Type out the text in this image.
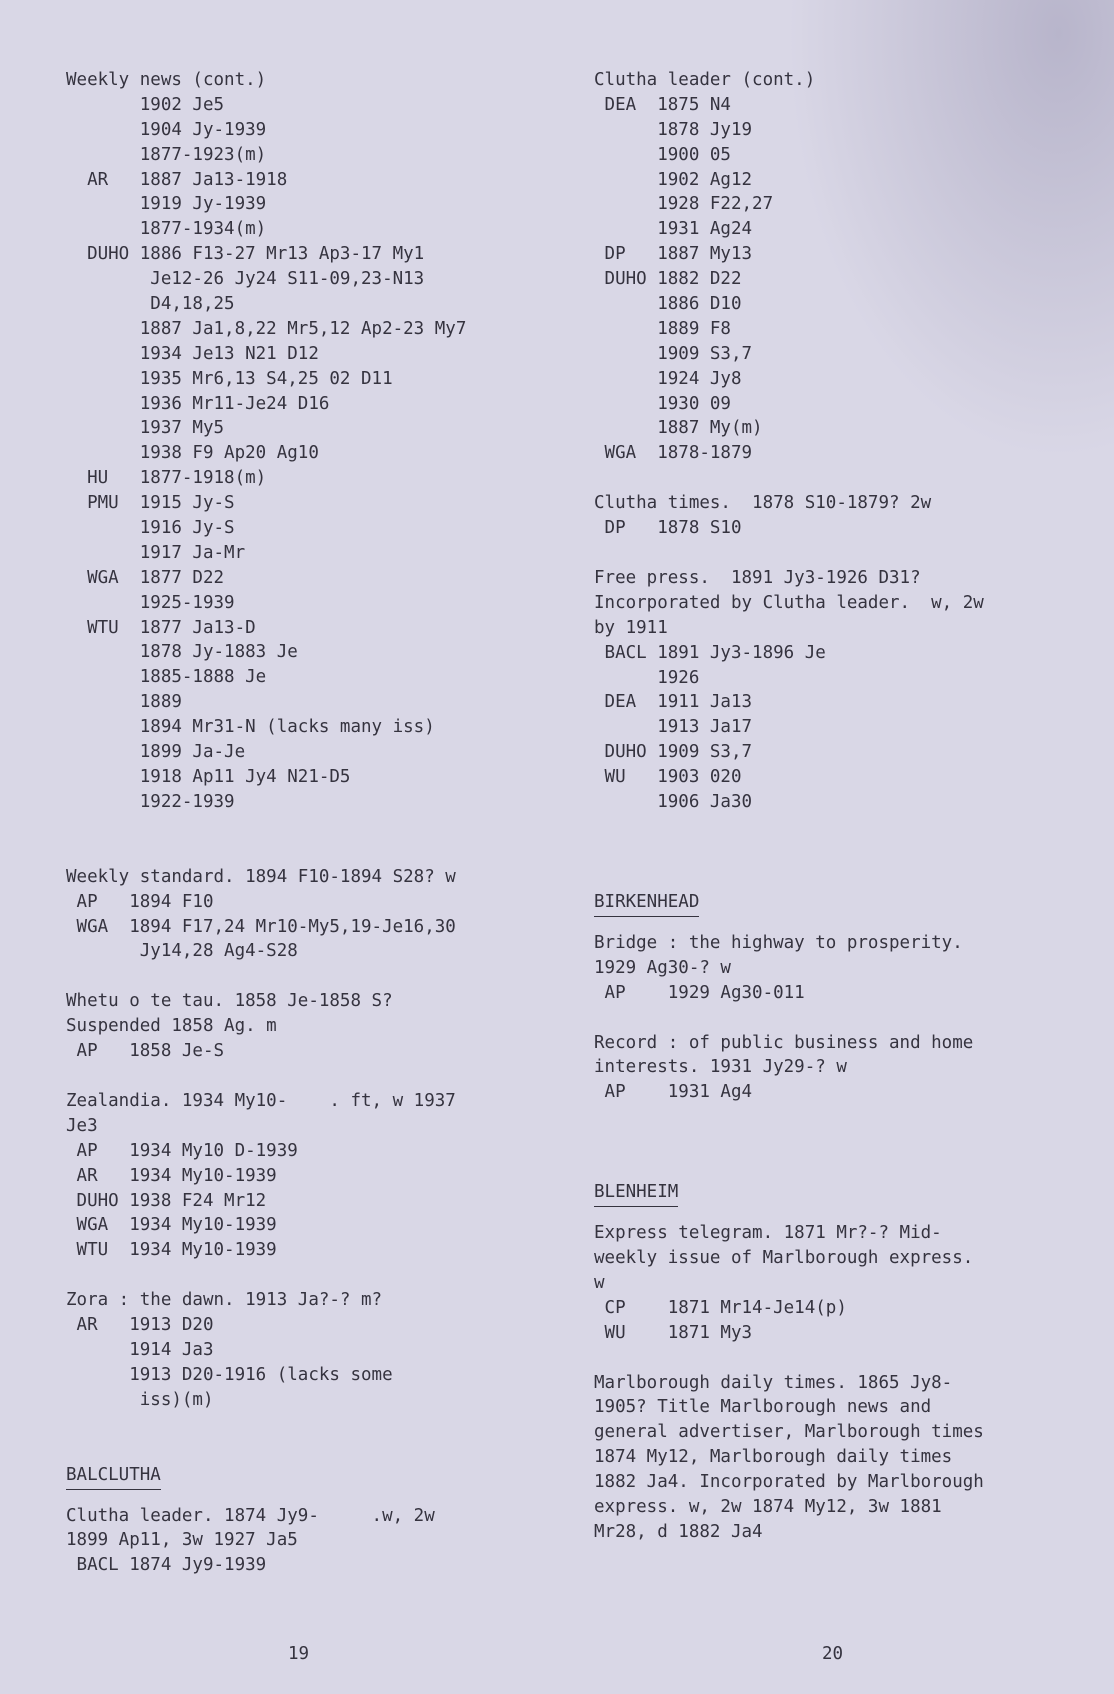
Weekly news (cont.)
1902 Je5
1904 Jy-1939
1877-1923(m)
AR   1887 Ja13-1918
1919 Jy-1939
1877-1934(m)
DUHO 1886 F13-27 Mr13 Ap3-17 My1
Je12-26 Jy24 S11-09,23-N13
D4,18,25
1887 Ja1,8,22 Mr5,12 Ap2-23 My7
1934 Je13 N21 D12
1935 Mr6,13 S4,25 02 D11
1936 Mr11-Je24 D16
1937 My5
1938 F9 Ap20 Ag10
HU   1877-1918(m)
PMU  1915 Jy-S
1916 Jy-S
1917 Ja-Mr
WGA  1877 D22
1925-1939
WTU  1877 Ja13-D
1878 Jy-1883 Je
1885-1888 Je
1889
1894 Mr31-N (lacks many iss)
1899 Ja-Je
1918 Ap11 Jy4 N21-D5
1922-1939
Weekly standard. 1894 F10-1894 S28? w
AP   1894 F10
WGA  1894 F17,24 Mr10-My5,19-Je16,30
Jy14,28 Ag4-S28
Whetu o te tau. 1858 Je-1858 S?
Suspended 1858 Ag. m
AP   1858 Je-S
Zealandia. 1934 My10-    . ft, w 1937
Je3
AP   1934 My10 D-1939
AR   1934 My10-1939
DUHO 1938 F24 Mr12
WGA  1934 My10-1939
WTU  1934 My10-1939
Zora : the dawn. 1913 Ja?-? m?
AR   1913 D20
1914 Ja3
1913 D20-1916 (lacks some
iss)(m)
BALCLUTHA
Clutha leader. 1874 Jy9-     .w, 2w
1899 Ap11, 3w 1927 Ja5
BACL 1874 Jy9-1939
Clutha leader (cont.)
DEA  1875 N4
1878 Jy19
1900 05
1902 Ag12
1928 F22,27
1931 Ag24
DP   1887 My13
DUHO 1882 D22
1886 D10
1889 F8
1909 S3,7
1924 Jy8
1930 09
1887 My(m)
WGA  1878-1879
Clutha times.  1878 S10-1879? 2w
DP   1878 S10
Free press.  1891 Jy3-1926 D31?
Incorporated by Clutha leader.  w, 2w
by 1911
BACL 1891 Jy3-1896 Je
1926
DEA  1911 Ja13
1913 Ja17
DUHO 1909 S3,7
WU   1903 020
1906 Ja30
BIRKENHEAD
Bridge : the highway to prosperity.
1929 Ag30-? w
AP    1929 Ag30-011
Record : of public business and home
interests. 1931 Jy29-? w
AP    1931 Ag4
BLENHEIM
Express telegram. 1871 Mr?-? Mid-
weekly issue of Marlborough express.
w
CP    1871 Mr14-Je14(p)
WU    1871 My3
Marlborough daily times. 1865 Jy8-
1905? Title Marlborough news and
general advertiser, Marlborough times
1874 My12, Marlborough daily times
1882 Ja4. Incorporated by Marlborough
express. w, 2w 1874 My12, 3w 1881
Mr28, d 1882 Ja4
19	20
